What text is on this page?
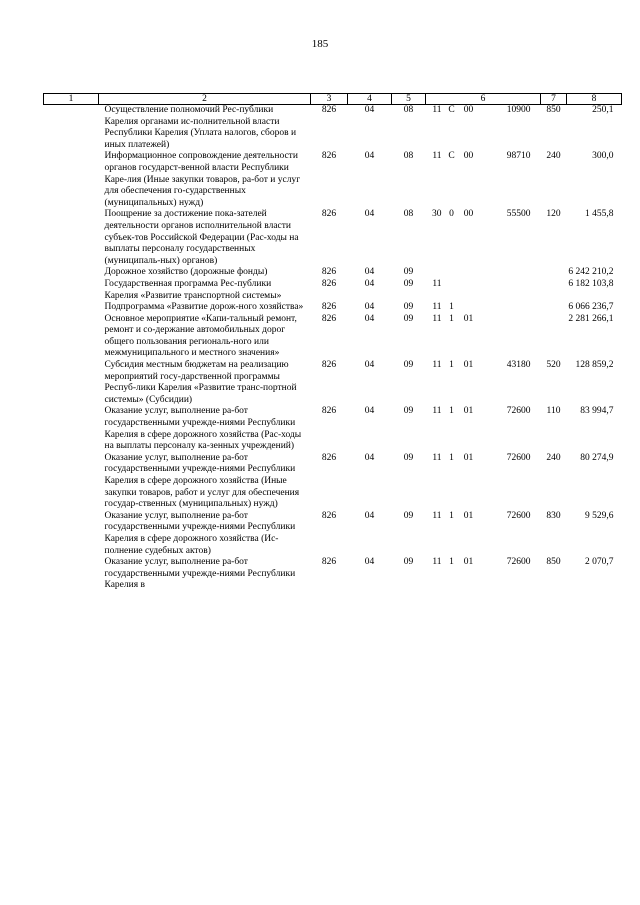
185
1	2	3	4	5	6	7	8
	Осуществление полномочий Рес-публики Карелия органами ис-полнительной власти Республики Карелия (Уплата налогов, сборов и иных платежей)	826	04	08	11 С 00 10900	850	250,1
	Информационное сопровождение деятельности органов государст-венной власти Республики Каре-лия (Иные закупки товаров, ра-бот и услуг для обеспечения го-сударственных (муниципальных) нужд)	826	04	08	11 С 00 98710	240	300,0
	Поощрение за достижение пока-зателей деятельности органов исполнительной власти субъек-тов Российской Федерации (Рас-ходы на выплаты персоналу государственных (муниципаль-ных) органов)	826	04	08	30 0 00 55500	120	1 455,8
	Дорожное хозяйство (дорожные фонды)	826	04	09			6 242 210,2
	Государственная программа Рес-публики Карелия «Развитие транспортной системы»	826	04	09	11		6 182 103,8
	Подпрограмма «Развитие дорож-ного хозяйства»	826	04	09	11 1		6 066 236,7
	Основное мероприятие «Капи-тальный ремонт, ремонт и со-держание автомобильных дорог общего пользования региональ-ного или межмуниципального и местного значения»	826	04	09	11 1 01		2 281 266,1
	Субсидия местным бюджетам на реализацию мероприятий госу-дарственной программы Респуб-лики Карелия «Развитие транс-портной системы» (Субсидии)	826	04	09	11 1 01 43180	520	128 859,2
	Оказание услуг, выполнение ра-бот государственными учрежде-ниями Республики Карелия в сфере дорожного хозяйства (Рас-ходы на выплаты персоналу ка-зенных учреждений)	826	04	09	11 1 01 72600	110	83 994,7
	Оказание услуг, выполнение ра-бот государственными учрежде-ниями Республики Карелия в сфере дорожного хозяйства (Иные закупки товаров, работ и услуг для обеспечения государ-ственных (муниципальных) нужд)	826	04	09	11 1 01 72600	240	80 274,9
	Оказание услуг, выполнение ра-бот государственными учрежде-ниями Республики Карелия в сфере дорожного хозяйства (Ис-полнение судебных актов)	826	04	09	11 1 01 72600	830	9 529,6
	Оказание услуг, выполнение ра-бот государственными учрежде-ниями Республики Карелия в	826	04	09	11 1 01 72600	850	2 070,7
